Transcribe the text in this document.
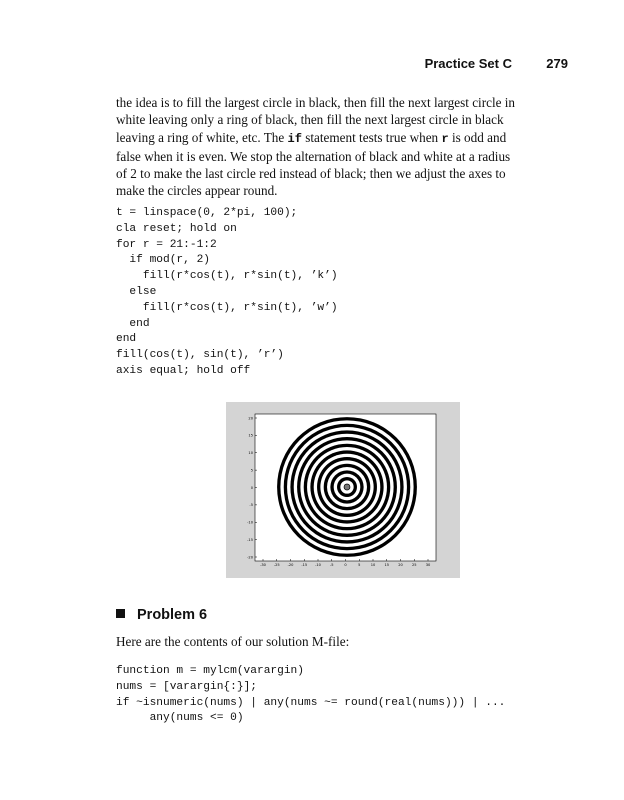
Practice Set C	279
the idea is to fill the largest circle in black, then fill the next largest circle in
white leaving only a ring of black, then fill the next largest circle in black
leaving a ring of white, etc. The if statement tests true when r is odd and
false when it is even. We stop the alternation of black and white at a radius
of 2 to make the last circle red instead of black; then we adjust the axes to
make the circles appear round.
t = linspace(0, 2*pi, 100);
cla reset; hold on
for r = 21:-1:2
if mod(r, 2)
fill(r*cos(t), r*sin(t), ’k’)
else
fill(r*cos(t), r*sin(t), ’w’)
end
end
fill(cos(t), sin(t), ’r’)
axis equal; hold off
-30 -25 -20 -15 -10	-5	0	5	10	15	20	25	30
20
15
10
5
0
-5
-10
-15
-20
Problem 6
Here are the contents of our solution M-file:
function m = mylcm(varargin)
nums = [varargin{:}];
if ~isnumeric(nums) | any(nums ~= round(real(nums))) | ...
any(nums <= 0)
